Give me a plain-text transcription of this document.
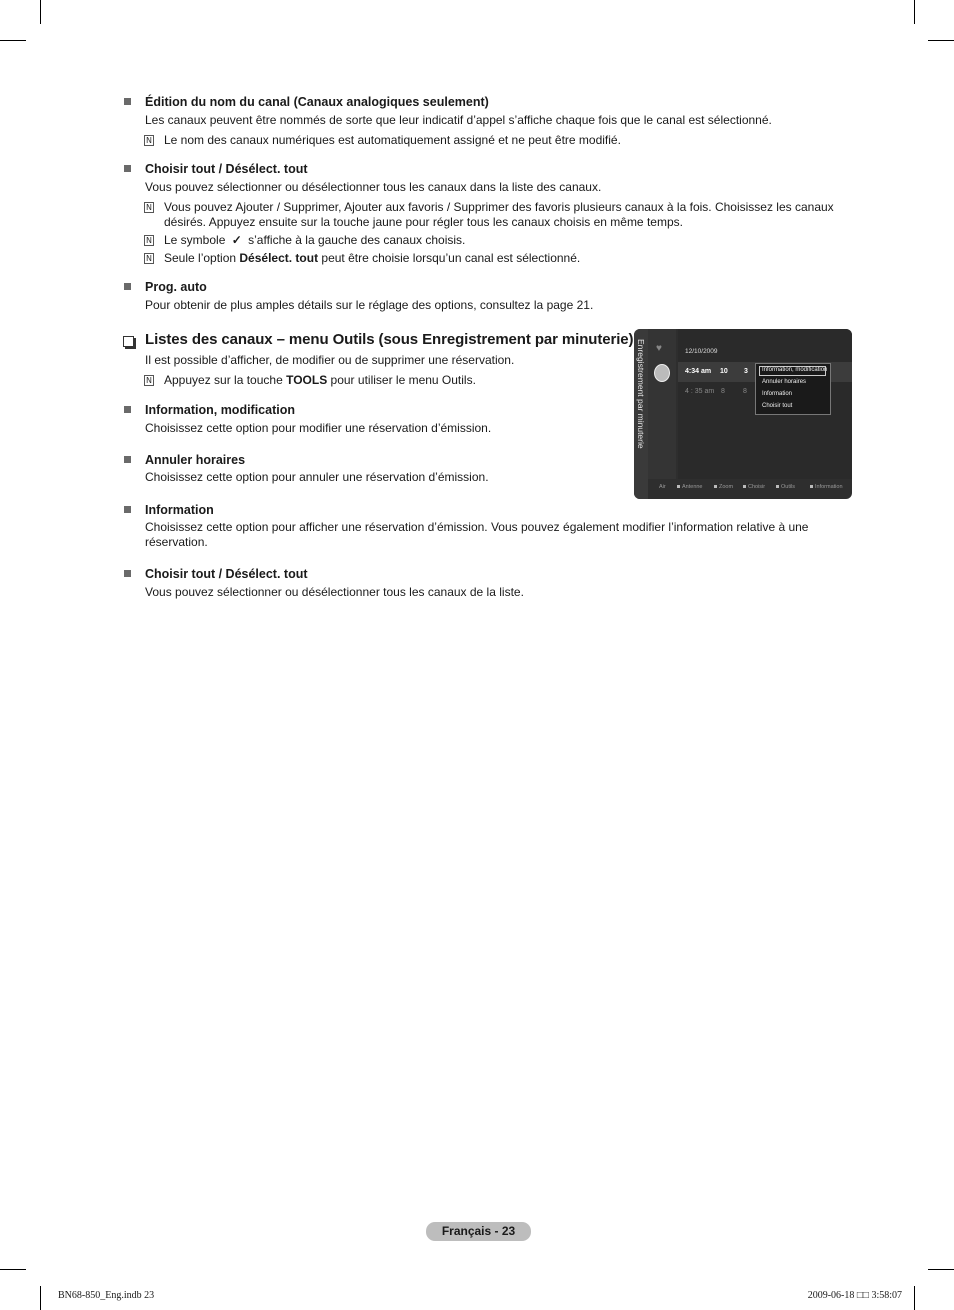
Édition du nom du canal (Canaux analogiques seulement)
Les canaux peuvent être nommés de sorte que leur indicatif d’appel s’affiche chaque fois que le canal est sélectionné.
N Le nom des canaux numériques est automatiquement assigné et ne peut être modifié.
Choisir tout / Désélect. tout
Vous pouvez sélectionner ou désélectionner tous les canaux dans la liste des canaux.
N Vous pouvez Ajouter / Supprimer, Ajouter aux favoris / Supprimer des favoris plusieurs canaux à la fois. Choisissez les canaux désirés. Appuyez ensuite sur la touche jaune pour régler tous les canaux choisis en même temps.
N Le symbole ✓ s’affiche à la gauche des canaux choisis.
N Seule l’option Désélect. tout peut être choisie lorsqu’un canal est sélectionné.
Prog. auto
Pour obtenir de plus amples détails sur le réglage des options, consultez la page 21.
Listes des canaux – menu Outils (sous Enregistrement par minuterie)
Il est possible d’afficher, de modifier ou de supprimer une réservation.
N Appuyez sur la touche TOOLS pour utiliser le menu Outils.
Information, modification
Choisissez cette option pour modifier une réservation d’émission.
Annuler horaires
Choisissez cette option pour annuler une réservation d’émission.
Information
Choisissez cette option pour afficher une réservation d’émission. Vous pouvez également modifier l’information relative à une réservation.
Choisir tout / Désélect. tout
Vous pouvez sélectionner ou désélectionner tous les canaux de la liste.
Enregistrement par minuterie ♥	12/10/2009
4:34 am 10 3
4 : 35 am 8	8
Information, modification
Annuler horaires
Information
Choisir tout
Air	Antenne	Zoom	Choisir	Outils	Information
Français - 23
BN68-850_Eng.indb 23	2009-06-18 □□ 3:58:07
